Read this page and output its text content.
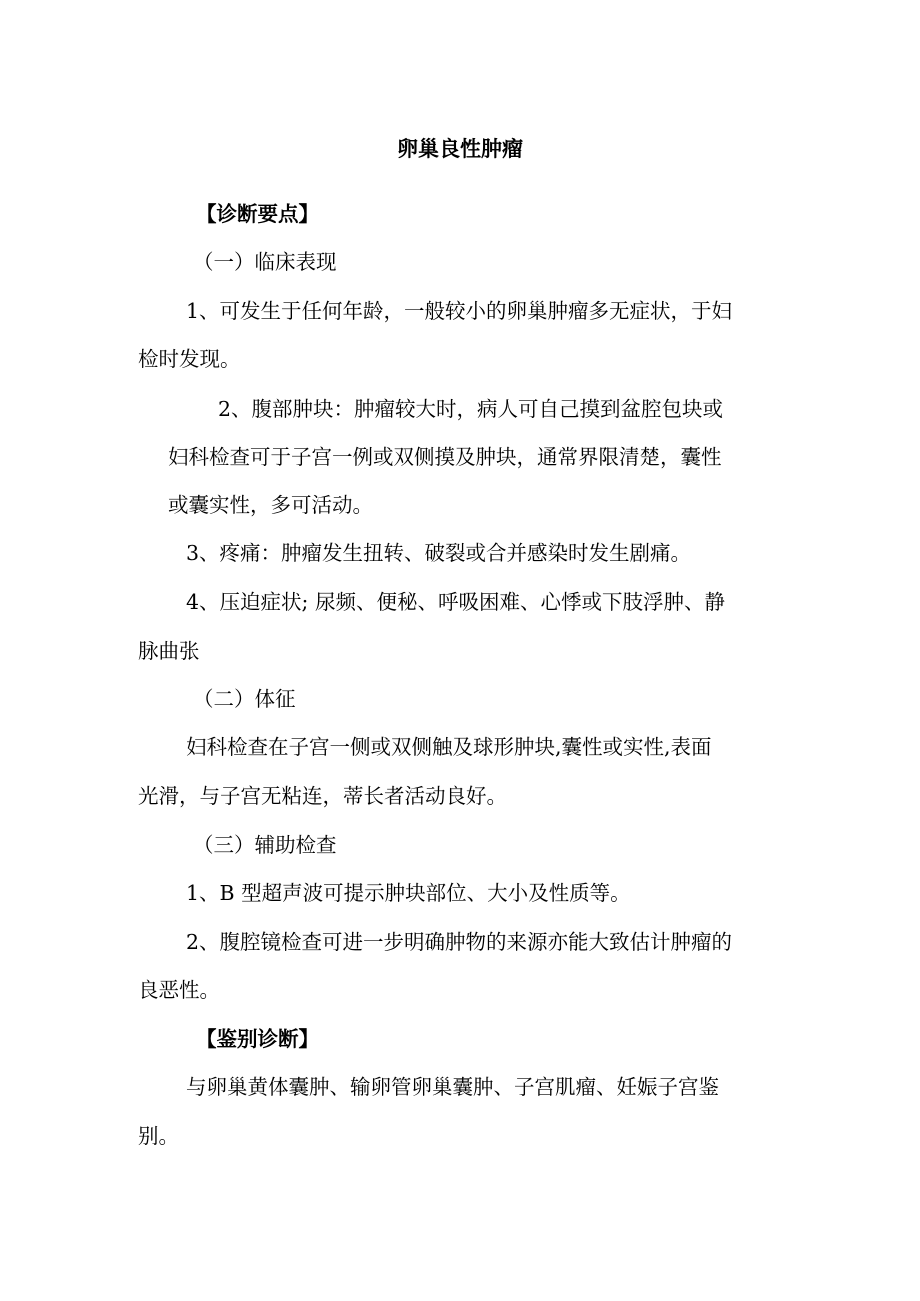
卵巢良性肿瘤

【诊断要点】

（一）临床表现

1、可发生于任何年龄，一般较小的卵巢肿瘤多无症状，于妇

检时发现。

2、腹部肿块：肿瘤较大时，病人可自己摸到盆腔包块或

妇科检查可于子宫一例或双侧摸及肿块，通常界限清楚，囊性

或囊实性，多可活动。

3、疼痛：肿瘤发生扭转、破裂或合并感染时发生剧痛。

4、压迫症状; 尿频、便秘、呼吸困难、心悸或下肢浮肿、静

脉曲张

（二）体征

妇科检查在子宫一侧或双侧触及球形肿块,囊性或实性,表面

光滑，与子宫无粘连，蒂长者活动良好。

（三）辅助检查

1、B 型超声波可提示肿块部位、大小及性质等。

2、腹腔镜检查可进一步明确肿物的来源亦能大致估计肿瘤的

良恶性。

【鉴别诊断】

与卵巢黄体囊肿、输卵管卵巢囊肿、子宫肌瘤、妊娠子宫鉴

别。
